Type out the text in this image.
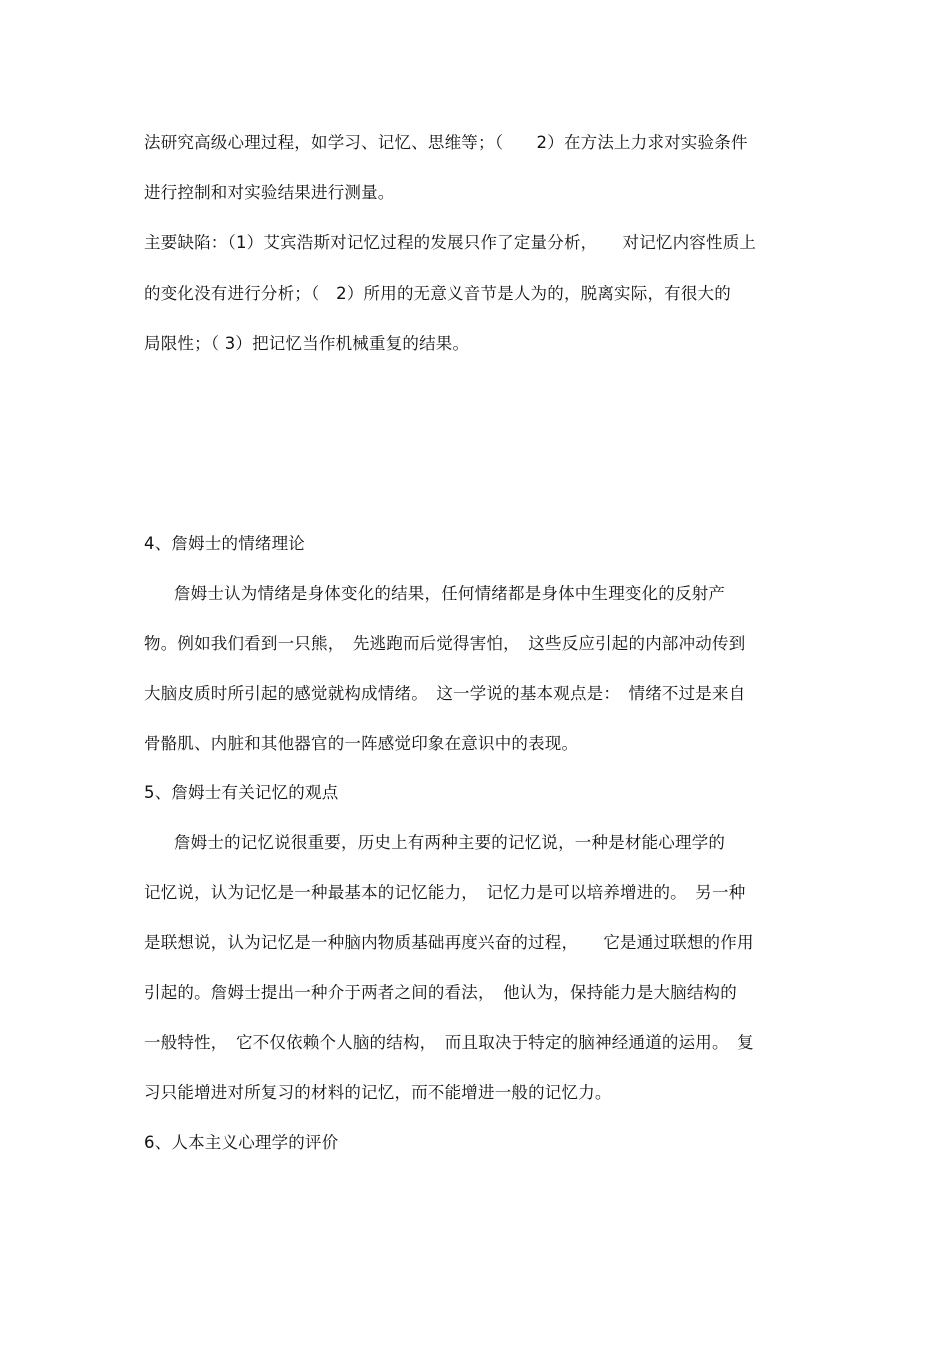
法研究高级心理过程，如学习、记忆、思维等；（　　2）在方法上力求对实验条件
进行控制和对实验结果进行测量。
主要缺陷：（1）艾宾浩斯对记忆过程的发展只作了定量分析，　　对记忆内容性质上
的变化没有进行分析；（　2）所用的无意义音节是人为的，脱离实际，有很大的
局限性；（ 3）把记忆当作机械重复的结果。
4、詹姆士的情绪理论
詹姆士认为情绪是身体变化的结果，任何情绪都是身体中生理变化的反射产
物。例如我们看到一只熊，　先逃跑而后觉得害怕，　这些反应引起的内部冲动传到
大脑皮质时所引起的感觉就构成情绪。　这一学说的基本观点是：　情绪不过是来自
骨骼肌、内脏和其他器官的一阵感觉印象在意识中的表现。
5、詹姆士有关记忆的观点
詹姆士的记忆说很重要，历史上有两种主要的记忆说，一种是材能心理学的
记忆说，认为记忆是一种最基本的记忆能力，　记忆力是可以培养增进的。　另一种
是联想说，认为记忆是一种脑内物质基础再度兴奋的过程，　　它是通过联想的作用
引起的。詹姆士提出一种介于两者之间的看法，　他认为，保持能力是大脑结构的
一般特性，　它不仅依赖个人脑的结构，　而且取决于特定的脑神经通道的运用。　复
习只能增进对所复习的材料的记忆，而不能增进一般的记忆力。
6、人本主义心理学的评价
